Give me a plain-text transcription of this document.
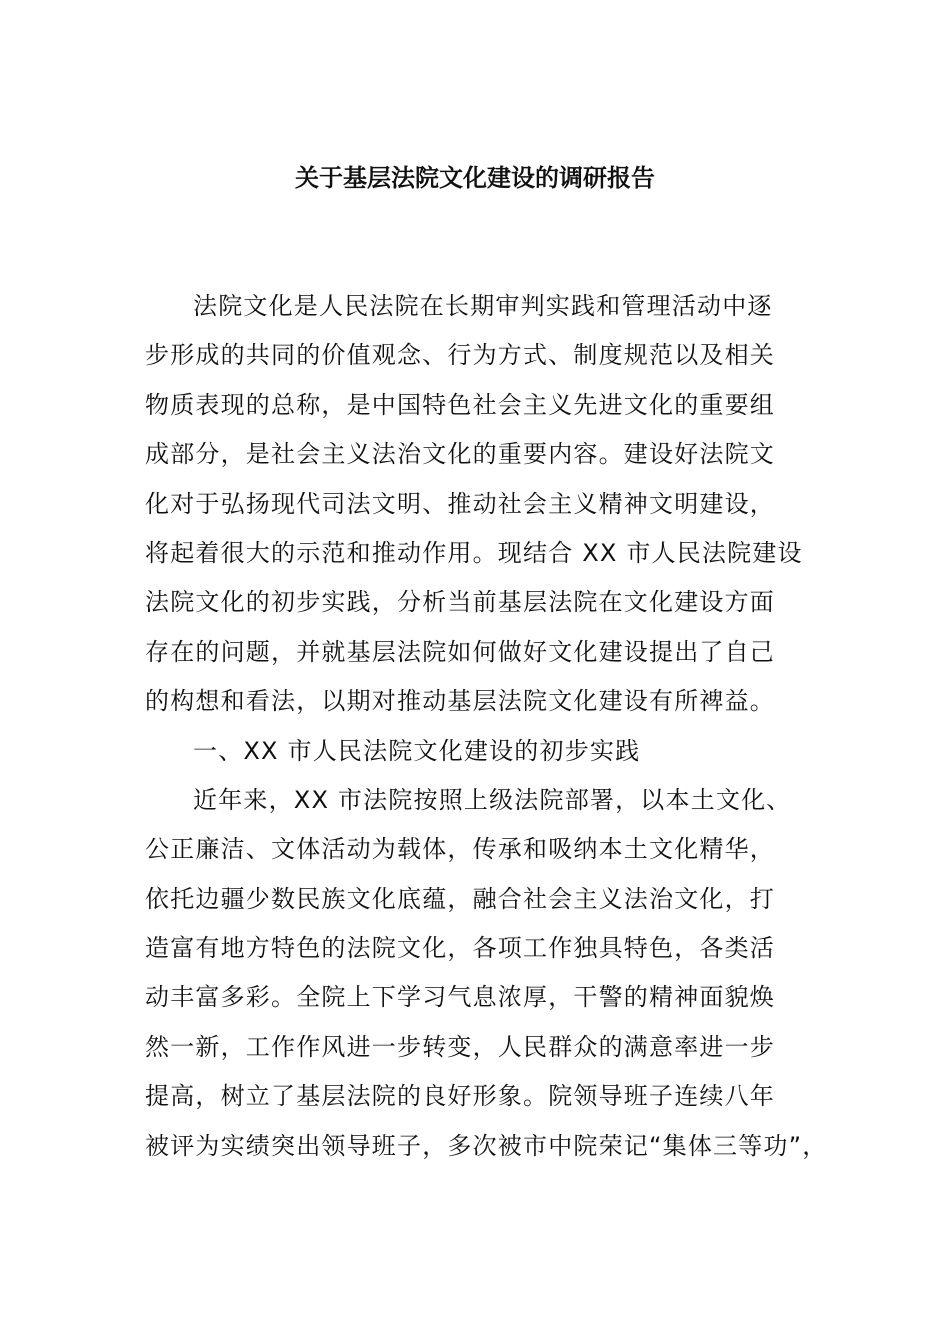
关于基层法院文化建设的调研报告
法院文化是人民法院在长期审判实践和管理活动中逐
步形成的共同的价值观念、行为方式、制度规范以及相关
物质表现的总称，是中国特色社会主义先进文化的重要组
成部分，是社会主义法治文化的重要内容。建设好法院文
化对于弘扬现代司法文明、推动社会主义精神文明建设，
将起着很大的示范和推动作用。现结合 XX 市人民法院建设
法院文化的初步实践，分析当前基层法院在文化建设方面
存在的问题，并就基层法院如何做好文化建设提出了自己
的构想和看法，以期对推动基层法院文化建设有所裨益。
一、XX 市人民法院文化建设的初步实践
近年来，XX 市法院按照上级法院部署，以本土文化、
公正廉洁、文体活动为载体，传承和吸纳本土文化精华，
依托边疆少数民族文化底蕴，融合社会主义法治文化，打
造富有地方特色的法院文化，各项工作独具特色，各类活
动丰富多彩。全院上下学习气息浓厚，干警的精神面貌焕
然一新，工作作风进一步转变，人民群众的满意率进一步
提高，树立了基层法院的良好形象。院领导班子连续八年
被评为实绩突出领导班子，多次被市中院荣记“集体三等功”，
